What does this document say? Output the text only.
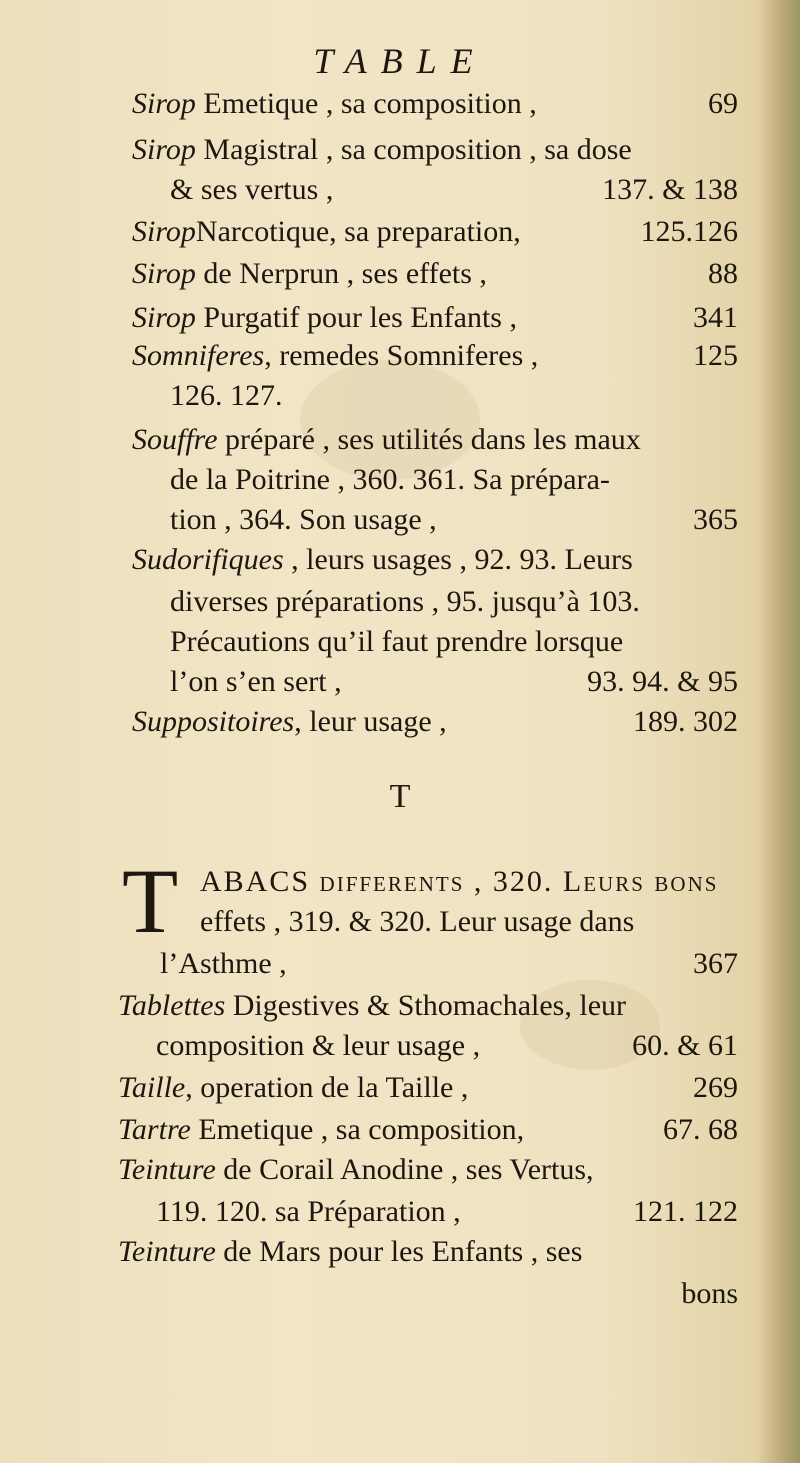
TABLE
Sirop Emetique , sa composition ,	69
Sirop Magistral , sa composition , sa dose
& ses vertus ,	137. & 138
SiropNarcotique, sa preparation,	125.126
Sirop de Nerprun , ses effets ,	88
Sirop Purgatif pour les Enfants ,	341
Somniferes, remedes Somniferes ,	125
126. 127.
Souffre préparé , ses utilités dans les maux
de la Poitrine , 360. 361. Sa prépara-
tion , 364. Son usage ,	365
Sudorifiques , leurs usages , 92. 93. Leurs
diverses préparations , 95. jusqu’à 103.
Précautions qu’il faut prendre lorsque
l’on s’en sert ,	93. 94. & 95
Suppositoires, leur usage ,	189. 302
T
T ABACS differents , 320. Leurs bons
effets , 319. & 320. Leur usage dans
l’Asthme ,	367
Tablettes Digestives & Sthomachales, leur
composition & leur usage ,	60. & 61
Taille, operation de la Taille ,	269
Tartre Emetique , sa composition,	67. 68
Teinture de Corail Anodine , ses Vertus,
119. 120. sa Préparation ,	121. 122
Teinture de Mars pour les Enfants , ses
bons
